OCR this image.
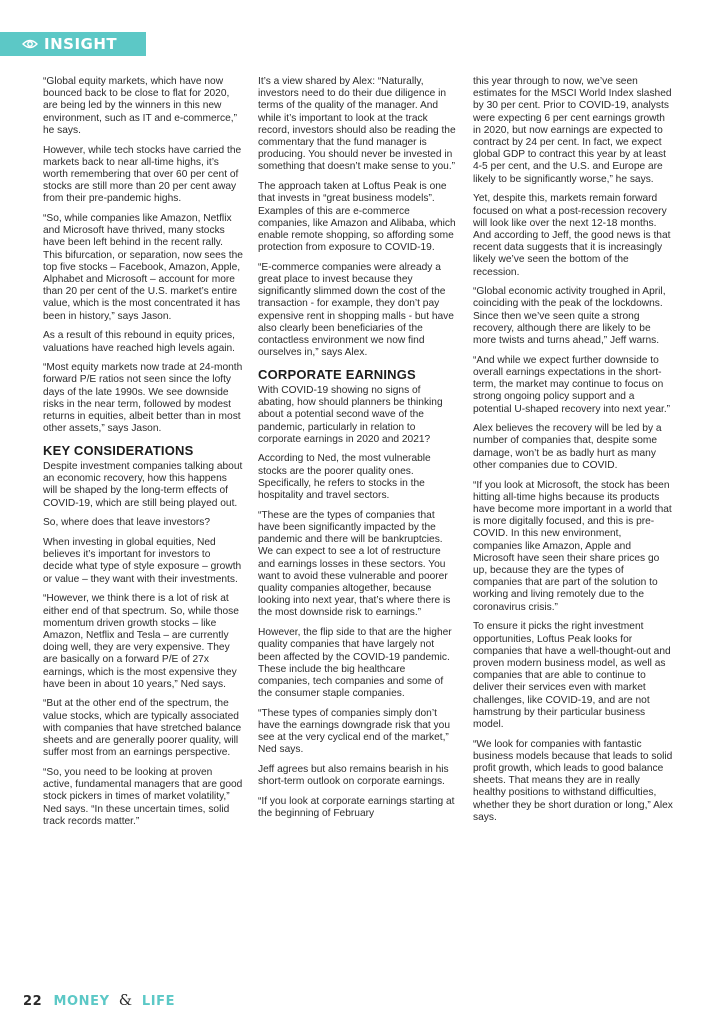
INSIGHT

“Global equity markets, which have now bounced back to be close to flat for 2020, are being led by the winners in this new environment, such as IT and e-commerce,” he says.

However, while tech stocks have carried the markets back to near all-time highs, it’s worth remembering that over 60 per cent of stocks are still more than 20 per cent away from their pre-pandemic highs.

“So, while companies like Amazon, Netflix and Microsoft have thrived, many stocks have been left behind in the recent rally. This bifurcation, or separation, now sees the top five stocks – Facebook, Amazon, Apple, Alphabet and Microsoft – account for more than 20 per cent of the U.S. market’s entire value, which is the most concentrated it has been in history,” says Jason.

As a result of this rebound in equity prices, valuations have reached high levels again.

“Most equity markets now trade at 24-month forward P/E ratios not seen since the lofty days of the late 1990s. We see downside risks in the near term, followed by modest returns in equities, albeit better than in most other assets,” says Jason.

KEY CONSIDERATIONS

Despite investment companies talking about an economic recovery, how this happens will be shaped by the long-term effects of COVID-19, which are still being played out.

So, where does that leave investors?

When investing in global equities, Ned believes it’s important for investors to decide what type of style exposure – growth or value – they want with their investments.

“However, we think there is a lot of risk at either end of that spectrum. So, while those momentum driven growth stocks – like Amazon, Netflix and Tesla – are currently doing well, they are very expensive. They are basically on a forward P/E of 27x earnings, which is the most expensive they have been in about 10 years,” Ned says.

“But at the other end of the spectrum, the value stocks, which are typically associated with companies that have stretched balance sheets and are generally poorer quality, will suffer most from an earnings perspective.

“So, you need to be looking at proven active, fundamental managers that are good stock pickers in times of market volatility,” Ned says. “In these uncertain times, solid track records matter.”

It’s a view shared by Alex: “Naturally, investors need to do their due diligence in terms of the quality of the manager. And while it’s important to look at the track record, investors should also be reading the commentary that the fund manager is producing. You should never be invested in something that doesn’t make sense to you.”

The approach taken at Loftus Peak is one that invests in “great business models”. Examples of this are e-commerce companies, like Amazon and Alibaba, which enable remote shopping, so affording some protection from exposure to COVID-19.

“E-commerce companies were already a great place to invest because they significantly slimmed down the cost of the transaction - for example, they don’t pay expensive rent in shopping malls - but have also clearly been beneficiaries of the contactless environment we now find ourselves in,” says Alex.

CORPORATE EARNINGS

With COVID-19 showing no signs of abating, how should planners be thinking about a potential second wave of the pandemic, particularly in relation to corporate earnings in 2020 and 2021?

According to Ned, the most vulnerable stocks are the poorer quality ones. Specifically, he refers to stocks in the hospitality and travel sectors.

“These are the types of companies that have been significantly impacted by the pandemic and there will be bankruptcies. We can expect to see a lot of restructure and earnings losses in these sectors. You want to avoid these vulnerable and poorer quality companies altogether, because looking into next year, that’s where there is the most downside risk to earnings.”

However, the flip side to that are the higher quality companies that have largely not been affected by the COVID-19 pandemic. These include the big healthcare companies, tech companies and some of the consumer staple companies.

“These types of companies simply don’t have the earnings downgrade risk that you see at the very cyclical end of the market,” Ned says.

Jeff agrees but also remains bearish in his short-term outlook on corporate earnings.

“If you look at corporate earnings starting at the beginning of February

this year through to now, we’ve seen estimates for the MSCI World Index slashed by 30 per cent. Prior to COVID-19, analysts were expecting 6 per cent earnings growth in 2020, but now earnings are expected to contract by 24 per cent. In fact, we expect global GDP to contract this year by at least 4-5 per cent, and the U.S. and Europe are likely to be significantly worse,” he says.

Yet, despite this, markets remain forward focused on what a post-recession recovery will look like over the next 12-18 months. And according to Jeff, the good news is that recent data suggests that it is increasingly likely we’ve seen the bottom of the recession.

“Global economic activity troughed in April, coinciding with the peak of the lockdowns. Since then we’ve seen quite a strong recovery, although there are likely to be more twists and turns ahead,” Jeff warns.

“And while we expect further downside to overall earnings expectations in the short-term, the market may continue to focus on strong ongoing policy support and a potential U-shaped recovery into next year.”

Alex believes the recovery will be led by a number of companies that, despite some damage, won’t be as badly hurt as many other companies due to COVID.

“If you look at Microsoft, the stock has been hitting all-time highs because its products have become more important in a world that is more digitally focused, and this is pre-COVID. In this new environment, companies like Amazon, Apple and Microsoft have seen their share prices go up, because they are the types of companies that are part of the solution to working and living remotely due to the coronavirus crisis.”

To ensure it picks the right investment opportunities, Loftus Peak looks for companies that have a well-thought-out and proven modern business model, as well as companies that are able to continue to deliver their services even with market challenges, like COVID-19, and are not hamstrung by their particular business model.

“We look for companies with fantastic business models because that leads to solid profit growth, which leads to good balance sheets. That means they are in really healthy positions to withstand difficulties, whether they be short duration or long,” Alex says.

22 MONEY & LIFE
